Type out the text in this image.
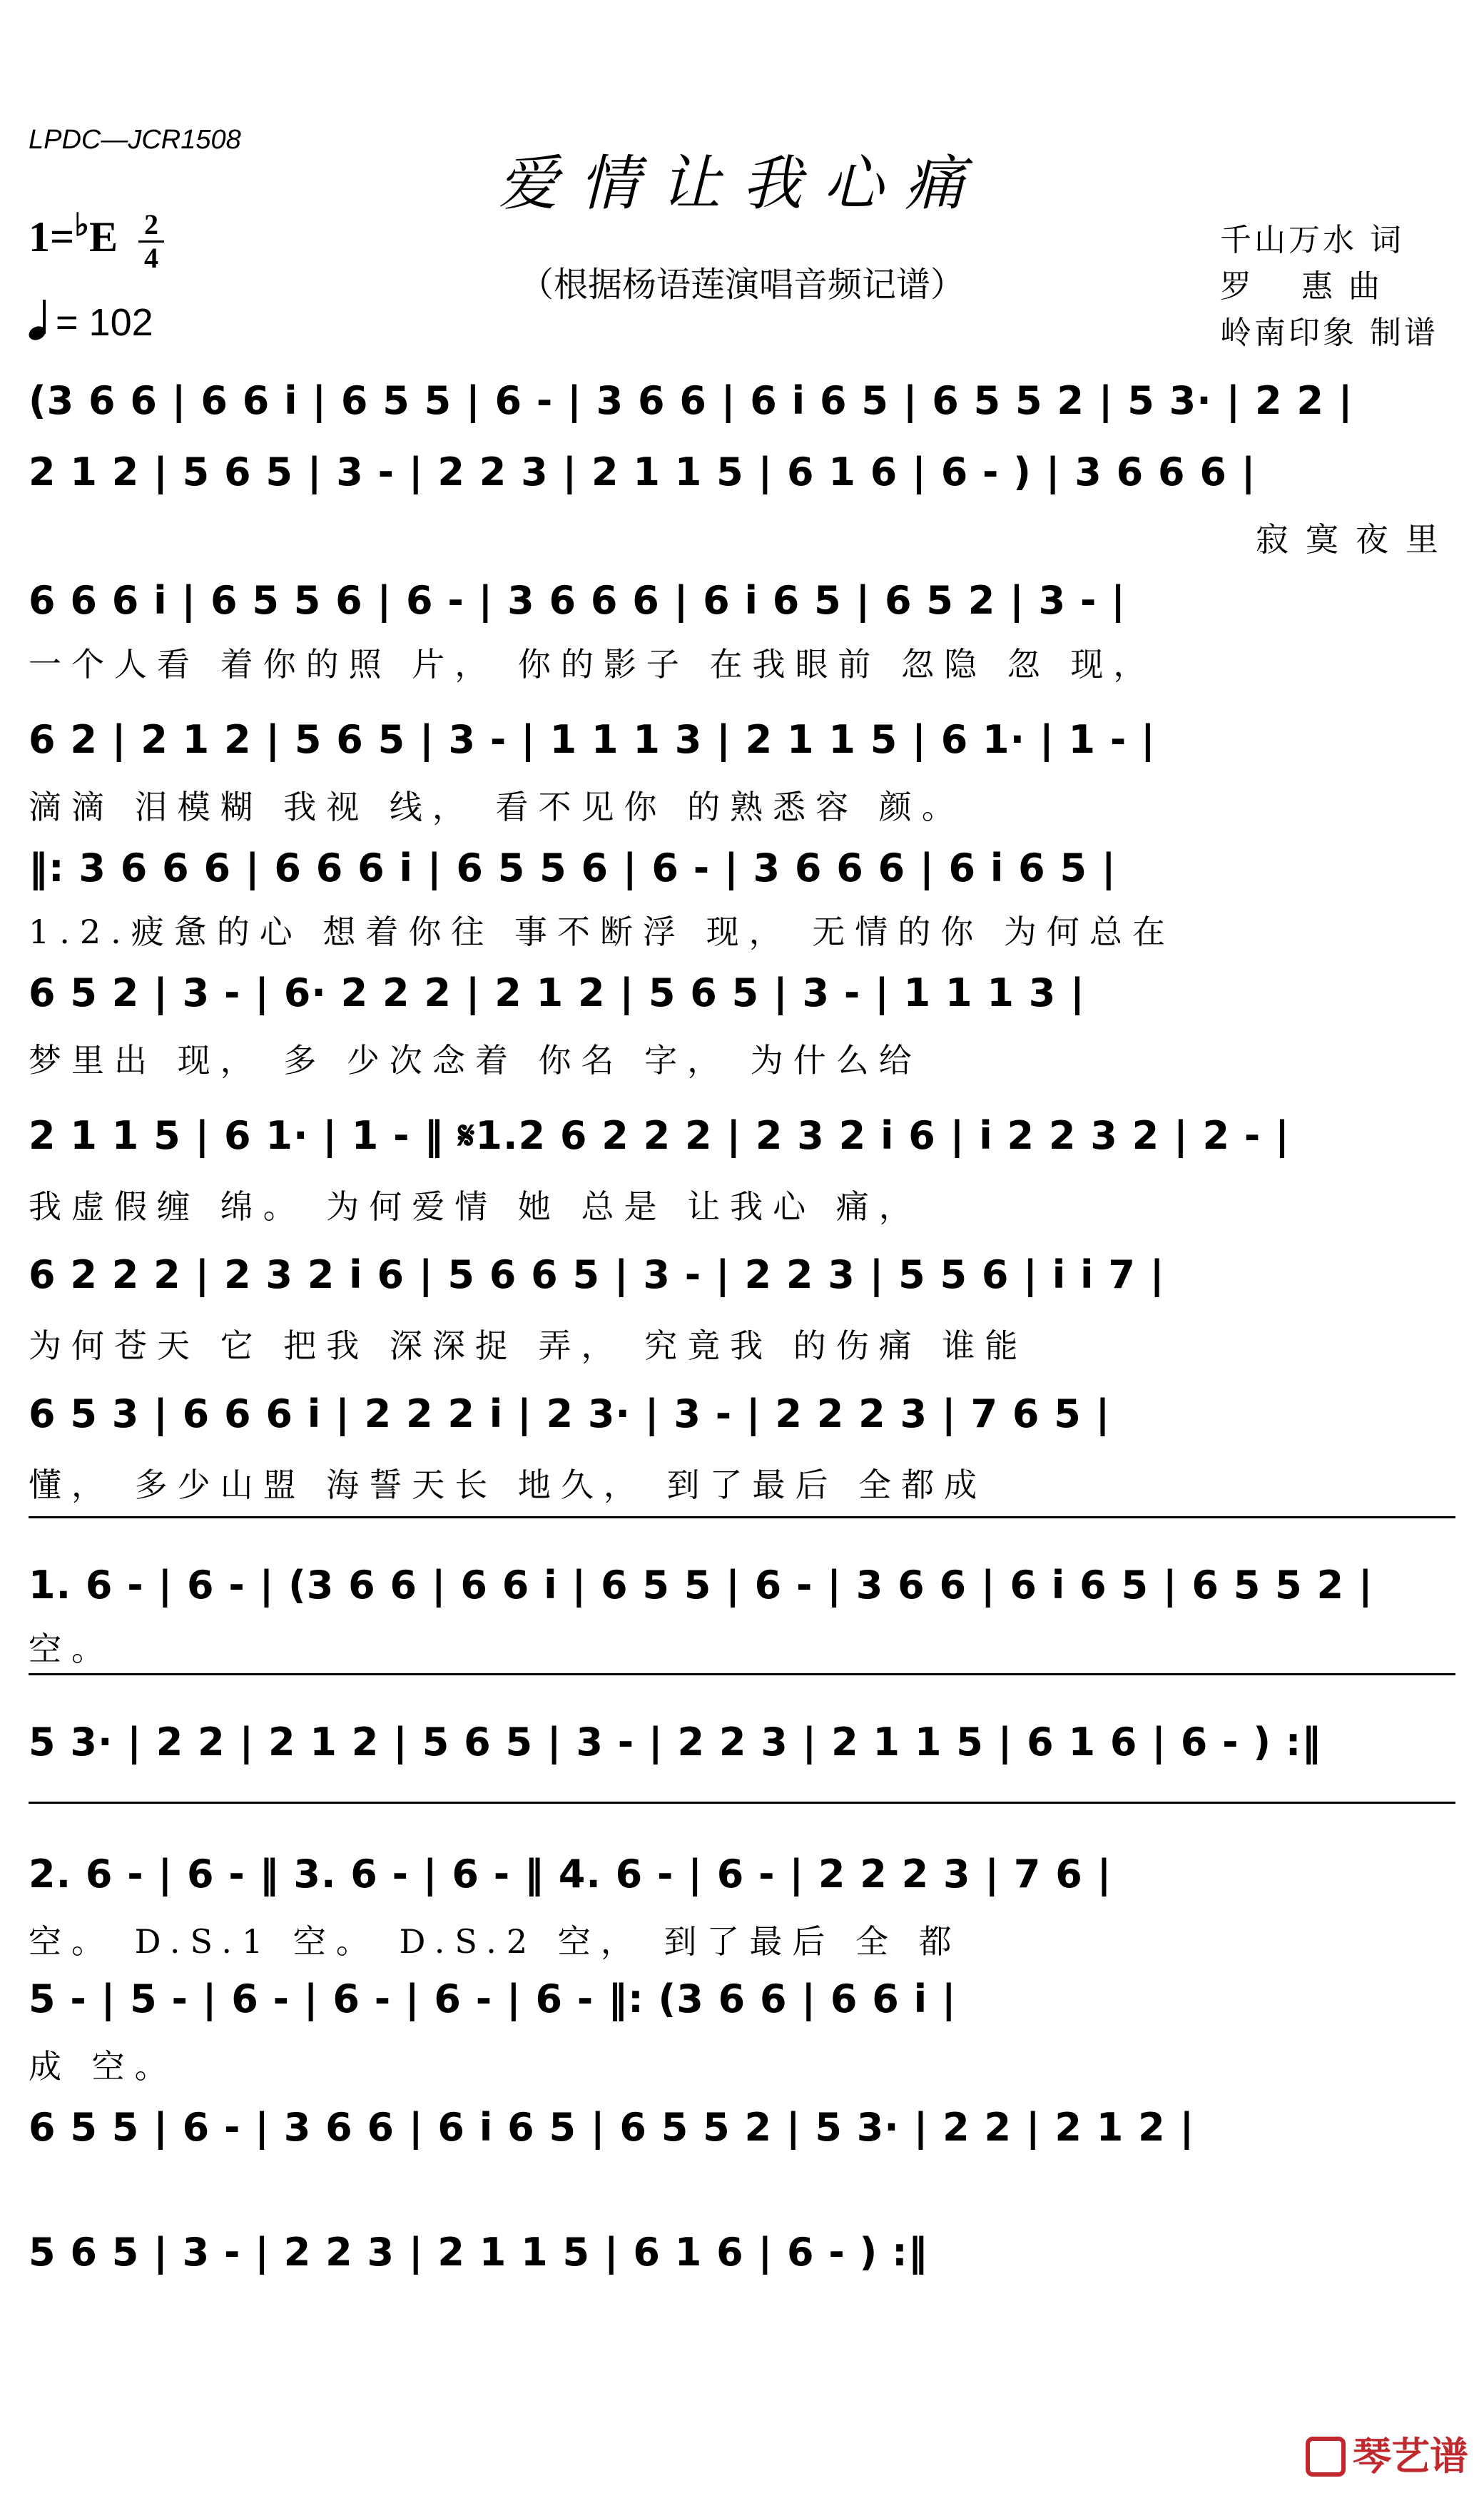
LPDC—JCR1508
爱情让我心痛
$1=^♭E \frac{2}{4}$
（根据杨语莲演唱音频记谱）
= 102
千山万水 词
罗　 惠 曲
岭南印象 制谱
(3 6 6 | 6 6 i | 6 5 5 | 6 - | 3 6 6 | 6 i 6 5 | 6 5 5 2 | 5 3· | 2 2 |
2 1 2 | 5 6 5 | 3 - | 2 2 3 | 2 1 1 5 | 6 1 6 | 6 - ) | 3 6 6 6 |
寂寞夜里
6 6 6 i | 6 5 5 6 | 6 - | 3 6 6 6 | 6 i 6 5 | 6 5 2 | 3 - |
一个人看 着你的照 片， 你的影子 在我眼前 忽隐 忽 现，
6 2 | 2 1 2 | 5 6 5 | 3 - | 1 1 1 3 | 2 1 1 5 | 6 1· | 1 - |
滴滴 泪模糊 我视 线， 看不见你 的熟悉容 颜。
‖: 3 6 6 6 | 6 6 6 i | 6 5 5 6 | 6 - | 3 6 6 6 | 6 i 6 5 |
1.2.疲惫的心 想着你往 事不断浮 现， 无情的你 为何总在
6 5 2 | 3 - | 6· 2 2 2 | 2 1 2 | 5 6 5 | 3 - | 1 1 1 3 |
梦里出 现， 多 少次念着 你名 字， 为什么给
2 1 1 5 | 6 1· | 1 - ‖ 𝄋1.2 6 2 2 2 | 2 3 2 i 6 | i 2 2 3 2 | 2 - |
我虚假缠 绵。 为何爱情 她 总是 让我心 痛，
6 2 2 2 | 2 3 2 i 6 | 5 6 6 5 | 3 - | 2 2 3 | 5 5 6 | i i 7 |
为何苍天 它 把我 深深捉 弄， 究竟我 的伤痛 谁能
6 5 3 | 6 6 6 i | 2 2 2 i | 2 3· | 3 - | 2 2 2 3 | 7 6 5 |
懂， 多少山盟 海誓天长 地久， 到了最后 全都成
1. 6 - | 6 - | (3 6 6 | 6 6 i | 6 5 5 | 6 - | 3 6 6 | 6 i 6 5 | 6 5 5 2 |
空。
5 3· | 2 2 | 2 1 2 | 5 6 5 | 3 - | 2 2 3 | 2 1 1 5 | 6 1 6 | 6 - ) :‖
2. 6 - | 6 - ‖ 3. 6 - | 6 - ‖ 4. 6 - | 6 - | 2 2 2 3 | 7 6 |
空。 D.S.1 空。 D.S.2 空， 到了最后 全 都
5 - | 5 - | 6 - | 6 - | 6 - | 6 - ‖: (3 6 6 | 6 6 i |
成 空。
6 5 5 | 6 - | 3 6 6 | 6 i 6 5 | 6 5 5 2 | 5 3· | 2 2 | 2 1 2 |
5 6 5 | 3 - | 2 2 3 | 2 1 1 5 | 6 1 6 | 6 - ) :‖
琴艺谱
